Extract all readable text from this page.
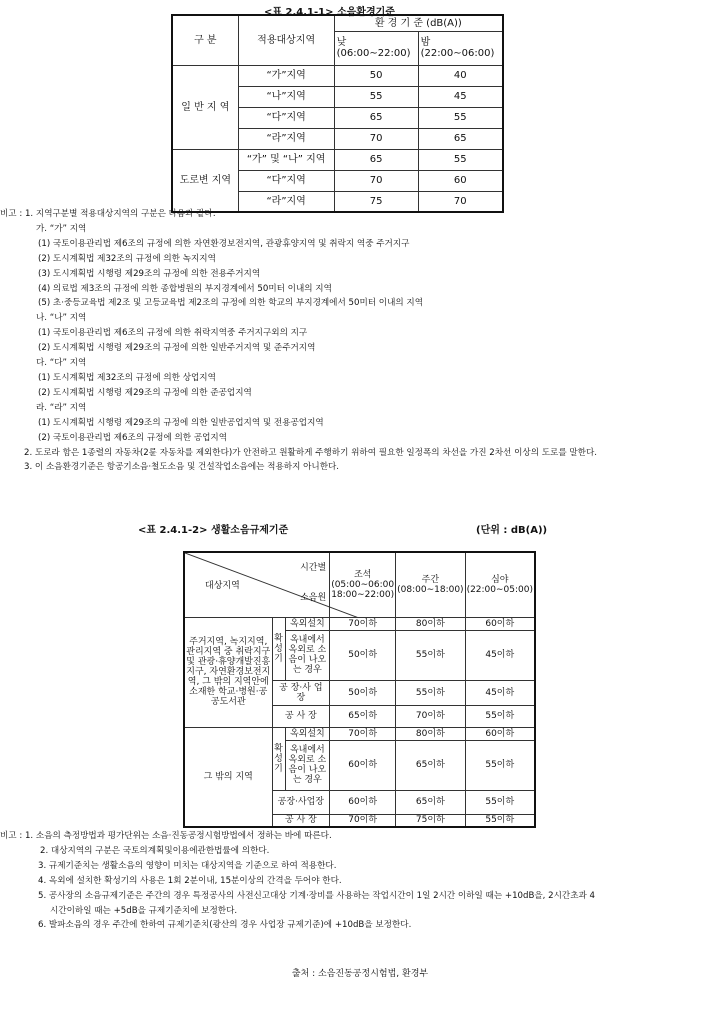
<표 2.4.1-1> 소음환경기준
구 분	적용대상지역	환 경 기 준 (dB(A))	
		낮 (06:00∼22:00)	밤 (22:00∼06:00)
일 반 지 역	“가”지역	50	40
	“나”지역	55	45
	“다”지역	65	55
	“라”지역	70	65
도로변 지역	“가” 및 “나” 지역	65	55
	“다”지역	70	60
	“라”지역	75	70
비고 : 1. 지역구분별 적용대상지역의 구분은 다음과 같다.
가. “가” 지역
(1) 국토이용관리법 제6조의 규정에 의한 자연환경보전지역, 관광휴양지역 및 취락지 역중 주거지구
(2) 도시계획법 제32조의 규정에 의한 녹지지역
(3) 도시계획법 시행령 제29조의 규정에 의한 전용주거지역
(4) 의료법 제3조의 규정에 의한 종합병원의 부지경계에서 50미터 이내의 지역
(5) 초·중등교육법 제2조 및 고등교육법 제2조의 규정에 의한 학교의 부지경계에서 50미터 이내의 지역
나. “나” 지역
(1) 국토이용관리법 제6조의 규정에 의한 취락지역중 주거지구외의 지구
(2) 도시계획법 시행령 제29조의 규정에 의한 일반주거지역 및 준주거지역
다. “다” 지역
(1) 도시계획법 제32조의 규정에 의한 상업지역
(2) 도시계획법 시행령 제29조의 규정에 의한 준공업지역
라. “라” 지역
(1) 도시계획법 시행령 제29조의 규정에 의한 일반공업지역 및 전용공업지역
(2) 국토이용관리법 제6조의 규정에 의한 공업지역
2. 도로라 함은 1종렬의 자동차(2륜 자동차를 제외한다)가 안전하고 원활하게 주행하기 위하여 필요한 일정폭의 차선을 가진 2차선 이상의 도로를 말한다.
3. 이 소음환경기준은 항공기소음·철도소음 및 건설작업소음에는 적용하지 아니한다.
<표 2.4.1-2> 생활소음규제기준	(단위 : dB(A))
대상지역
시간별
소음원			조석 (05:00∼06:00 18:00∼22:00)	주간 (08:00∼18:00)	심야 (22:00∼05:00)
주거지역, 녹지지역, 관리지역 중 취락지구 및 관광·휴양개발진흥지구, 자연환경보전지역, 그 밖의 지역안에 소재한 학교·병원·공공도서관	확성기	옥외설치	70이하	80이하	60이하
		옥내에서 옥외로 소음이 나오는 경우	50이하	55이하	45이하
	공 장·사 업 장		50이하	55이하	45이하
	공 사 장		65이하	70이하	55이하
그 밖의 지역	확성기	옥외설치	70이하	80이하	60이하
		옥내에서 옥외로 소음이 나오는 경우	60이하	65이하	55이하
	공장·사업장		60이하	65이하	55이하
	공 사 장		70이하	75이하	55이하
비고 : 1. 소음의 측정방법과 평가단위는 소음·진동공정시험방법에서 정하는 바에 따른다.
2. 대상지역의 구분은 국토의계획및이용에관한법률에 의한다.
3. 규제기준치는 생활소음의 영향이 미치는 대상지역을 기준으로 하여 적용한다.
4. 옥외에 설치한 확성기의 사용은 1회 2분이내, 15분이상의 간격을 두어야 한다.
5. 공사장의 소음규제기준은 주간의 경우 특정공사의 사전신고대상 기계·장비를 사용하는 작업시간이 1일 2시간 이하일 때는 +10dB을, 2시간초과 4
시간이하일 때는 +5dB을 규제기준치에 보정한다.
6. 발파소음의 경우 주간에 한하여 규제기준치(광산의 경우 사업장 규제기준)에 +10dB을 보정한다.
출처 : 소음진동공정시험법, 환경부
